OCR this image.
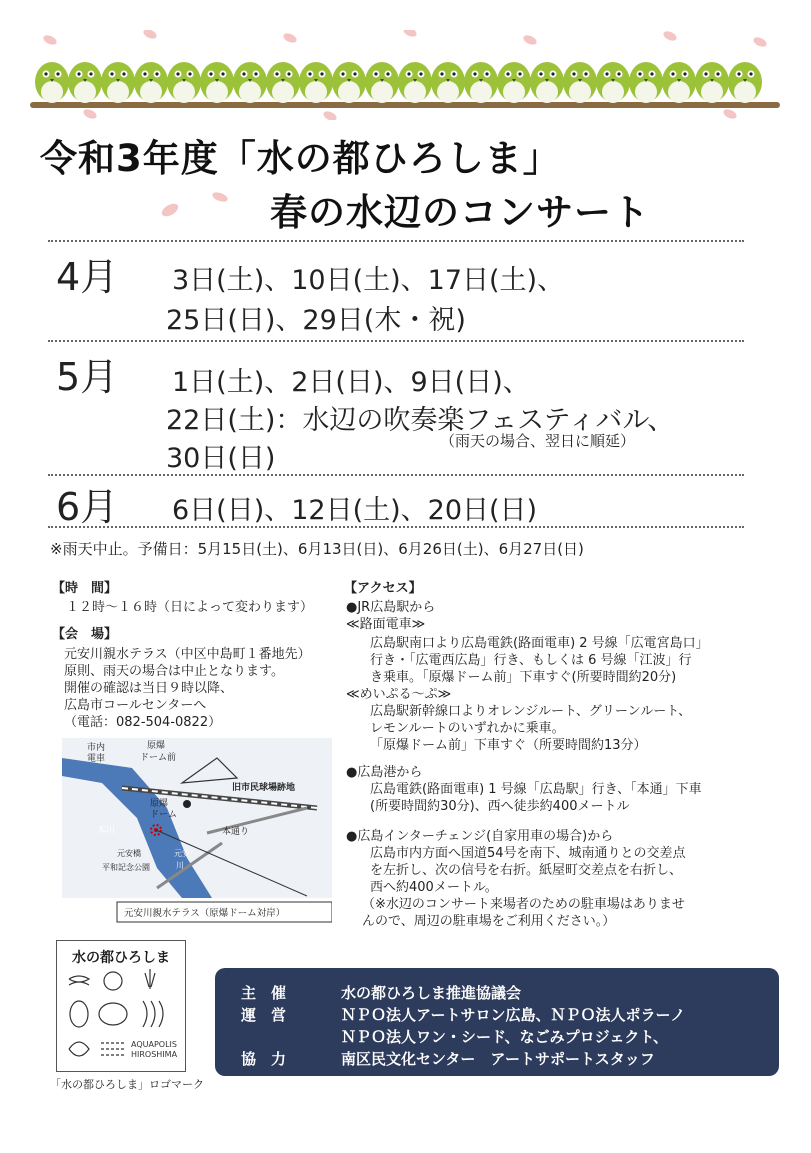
令和3年度「水の都ひろしま」
春の水辺のコンサート
4月 3日(土)、10日(土)、17日(土)、
25日(日)、29日(木・祝)
5月 1日(土)、2日(日)、9日(日)、
22日(土)：水辺の吹奏楽フェスティバル、
（雨天の場合、翌日に順延）
30日(日)
6月 6日(日)、12日(土)、20日(日)
※雨天中止。予備日：5月15日(土)、6月13日(日)、6月26日(土)、6月27日(日)
【時　間】
１２時～１６時（日によって変わります）
【会　場】
元安川親水テラス（中区中島町１番地先）
原則、雨天の場合は中止となります。
開催の確認は当日９時以降、
広島市コールセンターへ
（電話：082-504-0822）
市内
電車
原爆
ドーム前
旧市民球場跡地
本川
原爆
ドーム
本通り
元安橋
平和記念公園
元安
川
元安川親水テラス（原爆ドーム対岸）
【アクセス】
●JR広島駅から
≪路面電車≫
広島駅南口より広島電鉄(路面電車) 2 号線「広電宮島口」
行き・「広電西広島」行き、もしくは 6 号線「江波」行
き乗車。「原爆ドーム前」下車すぐ(所要時間約20分)
≪めいぷる～ぷ≫
広島駅新幹線口よりオレンジルート、グリーンルート、
レモンルートのいずれかに乗車。
「原爆ドーム前」下車すぐ（所要時間約13分）
●広島港から
広島電鉄(路面電車) 1 号線「広島駅」行き、「本通」下車
(所要時間約30分)、西へ徒歩約400メートル
●広島インターチェンジ(自家用車の場合)から
広島市内方面へ国道54号を南下、城南通りとの交差点
を左折し、次の信号を右折。紙屋町交差点を右折し、
西へ約400メートル。
（※水辺のコンサート来場者のための駐車場はありませ
んので、周辺の駐車場をご利用ください。）
水の都ひろしま
AQUAPOLIS
HIROSHIMA
「水の都ひろしま」ロゴマーク
主　催	水の都ひろしま推進協議会
運　営	ＮＰＯ法人アートサロン広島、ＮＰＯ法人ポラーノ
ＮＰＯ法人ワン・シード、なごみプロジェクト、
協　力	南区民文化センター　アートサポートスタッフ
